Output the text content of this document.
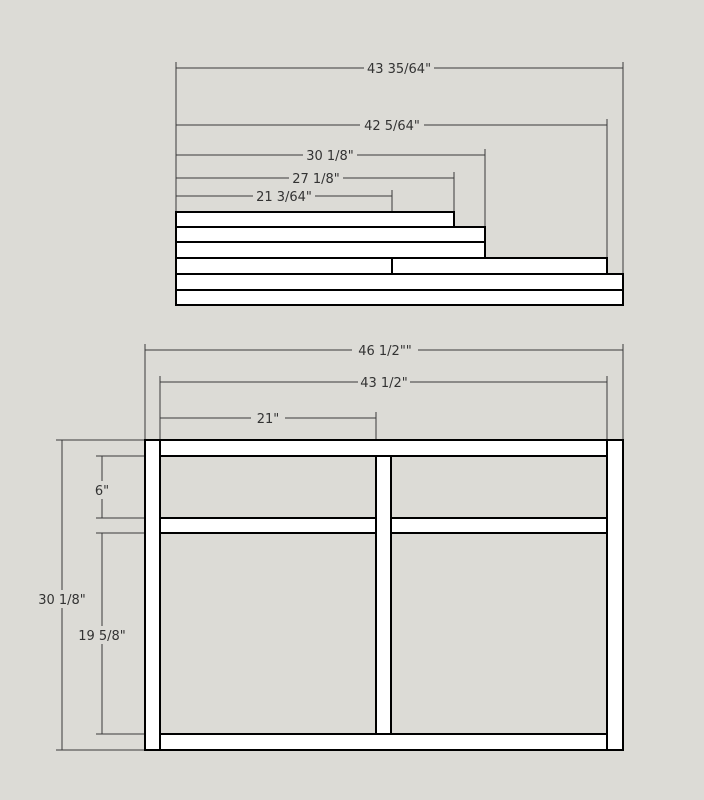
43 35/64"
42 5/64"
30 1/8"
27 1/8"
21 3/64"
46 1/2""
43 1/2"
21"
30 1/8"
6"
19 5/8"
